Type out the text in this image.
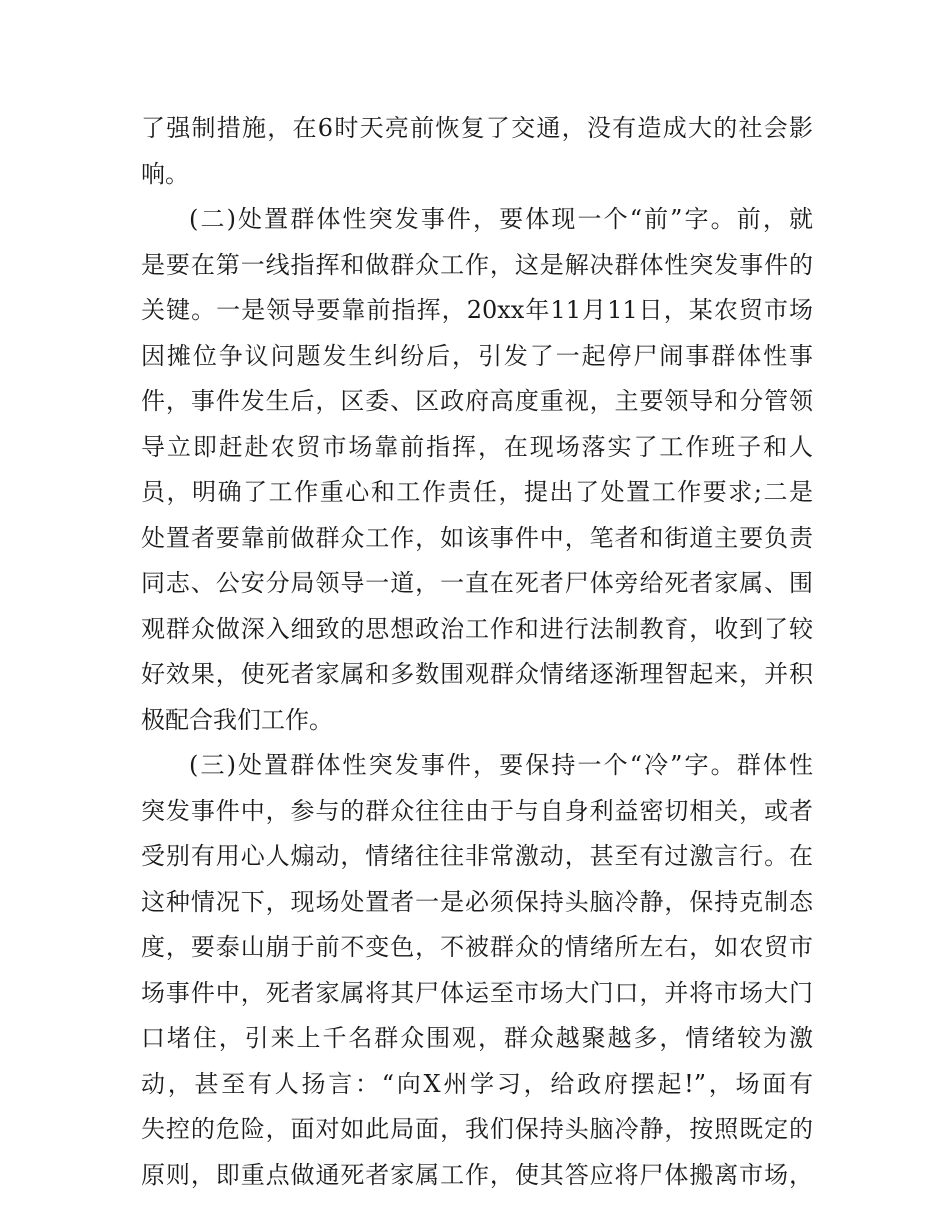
了强制措施，在6时天亮前恢复了交通，没有造成大的社会影
响。
(二)处置群体性突发事件，要体现一个“前”字。前，就
是要在第一线指挥和做群众工作，这是解决群体性突发事件的
关键。一是领导要靠前指挥，20xx年11月11日，某农贸市场
因摊位争议问题发生纠纷后，引发了一起停尸闹事群体性事
件，事件发生后，区委、区政府高度重视，主要领导和分管领
导立即赶赴农贸市场靠前指挥，在现场落实了工作班子和人
员，明确了工作重心和工作责任，提出了处置工作要求;二是
处置者要靠前做群众工作，如该事件中，笔者和街道主要负责
同志、公安分局领导一道，一直在死者尸体旁给死者家属、围
观群众做深入细致的思想政治工作和进行法制教育，收到了较
好效果，使死者家属和多数围观群众情绪逐渐理智起来，并积
极配合我们工作。
(三)处置群体性突发事件，要保持一个“冷”字。群体性
突发事件中，参与的群众往往由于与自身利益密切相关，或者
受别有用心人煽动，情绪往往非常激动，甚至有过激言行。在
这种情况下，现场处置者一是必须保持头脑冷静，保持克制态
度，要泰山崩于前不变色，不被群众的情绪所左右，如农贸市
场事件中，死者家属将其尸体运至市场大门口，并将市场大门
口堵住，引来上千名群众围观，群众越聚越多，情绪较为激
动，甚至有人扬言：“向X州学习，给政府摆起!”，场面有
失控的危险，面对如此局面，我们保持头脑冷静，按照既定的
原则，即重点做通死者家属工作，使其答应将尸体搬离市场，
